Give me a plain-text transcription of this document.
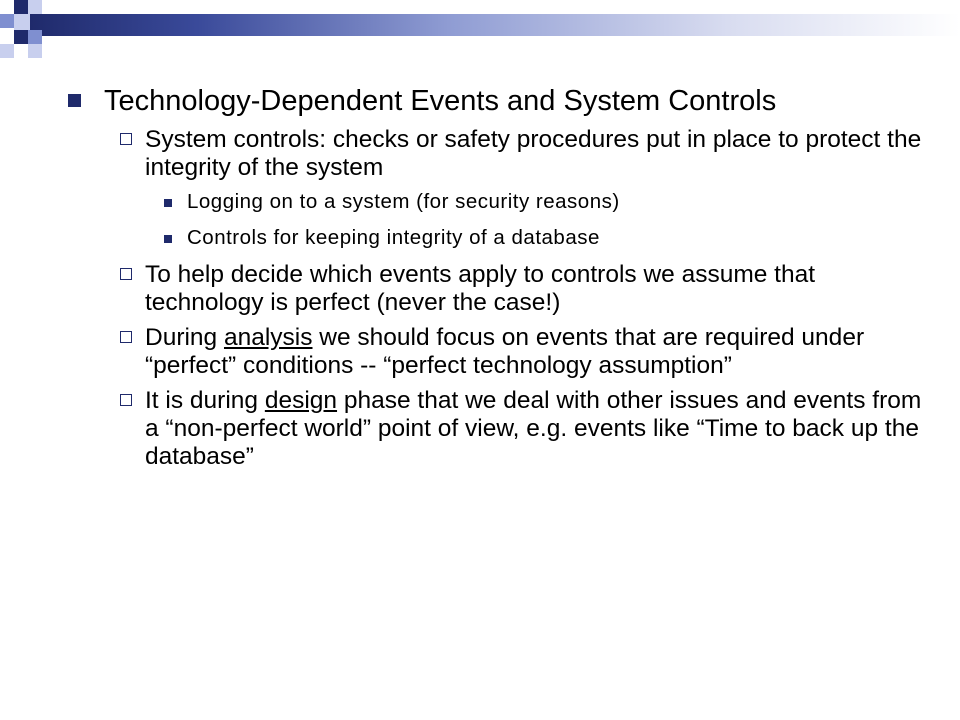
Technology-Dependent Events and System Controls
System controls: checks or safety procedures put in place to protect the integrity of the system
Logging on to a system (for security reasons)
Controls for keeping integrity of a database
To help decide which events apply to controls we assume that technology is perfect (never the case!)
During analysis we should focus on events that are required under “perfect” conditions -- “perfect technology assumption”
It is during design phase that we deal with other issues and events from a “non-perfect world” point of view, e.g. events like “Time to back up the database”
